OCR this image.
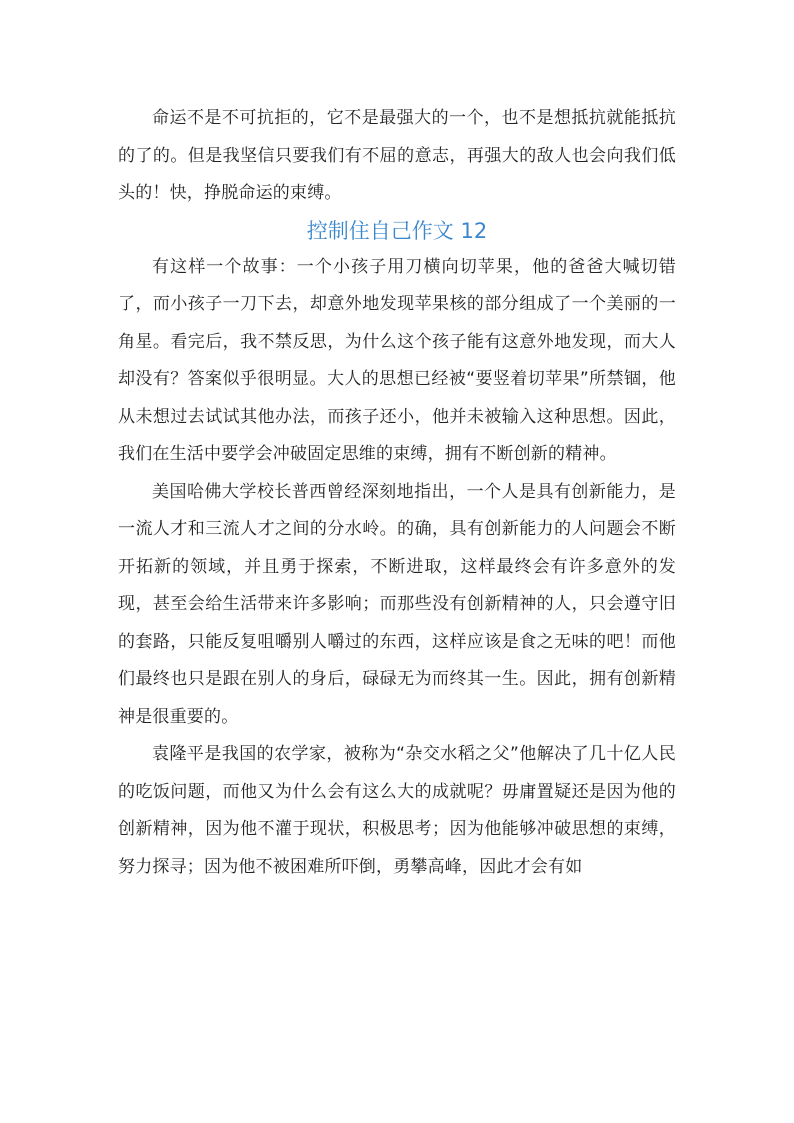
命运不是不可抗拒的，它不是最强大的一个，也不是想抵抗就能抵抗的了的。但是我坚信只要我们有不屈的意志，再强大的敌人也会向我们低头的！快，挣脱命运的束缚。

控制住自己作文 12

有这样一个故事：一个小孩子用刀横向切苹果，他的爸爸大喊切错了，而小孩子一刀下去，却意外地发现苹果核的部分组成了一个美丽的一角星。看完后，我不禁反思，为什么这个孩子能有这意外地发现，而大人却没有？答案似乎很明显。大人的思想已经被“要竖着切苹果”所禁锢，他从未想过去试试其他办法，而孩子还小，他并未被输入这种思想。因此，我们在生活中要学会冲破固定思维的束缚，拥有不断创新的精神。

美国哈佛大学校长普西曾经深刻地指出，一个人是具有创新能力，是一流人才和三流人才之间的分水岭。的确，具有创新能力的人问题会不断开拓新的领域，并且勇于探索，不断进取，这样最终会有许多意外的发现，甚至会给生活带来许多影响；而那些没有创新精神的人，只会遵守旧的套路，只能反复咀嚼别人嚼过的东西，这样应该是食之无味的吧！而他们最终也只是跟在别人的身后，碌碌无为而终其一生。因此，拥有创新精神是很重要的。

袁隆平是我国的农学家，被称为“杂交水稻之父”他解决了几十亿人民的吃饭问题，而他又为什么会有这么大的成就呢？毋庸置疑还是因为他的创新精神，因为他不灌于现状，积极思考；因为他能够冲破思想的束缚，努力探寻；因为他不被困难所吓倒，勇攀高峰，因此才会有如
